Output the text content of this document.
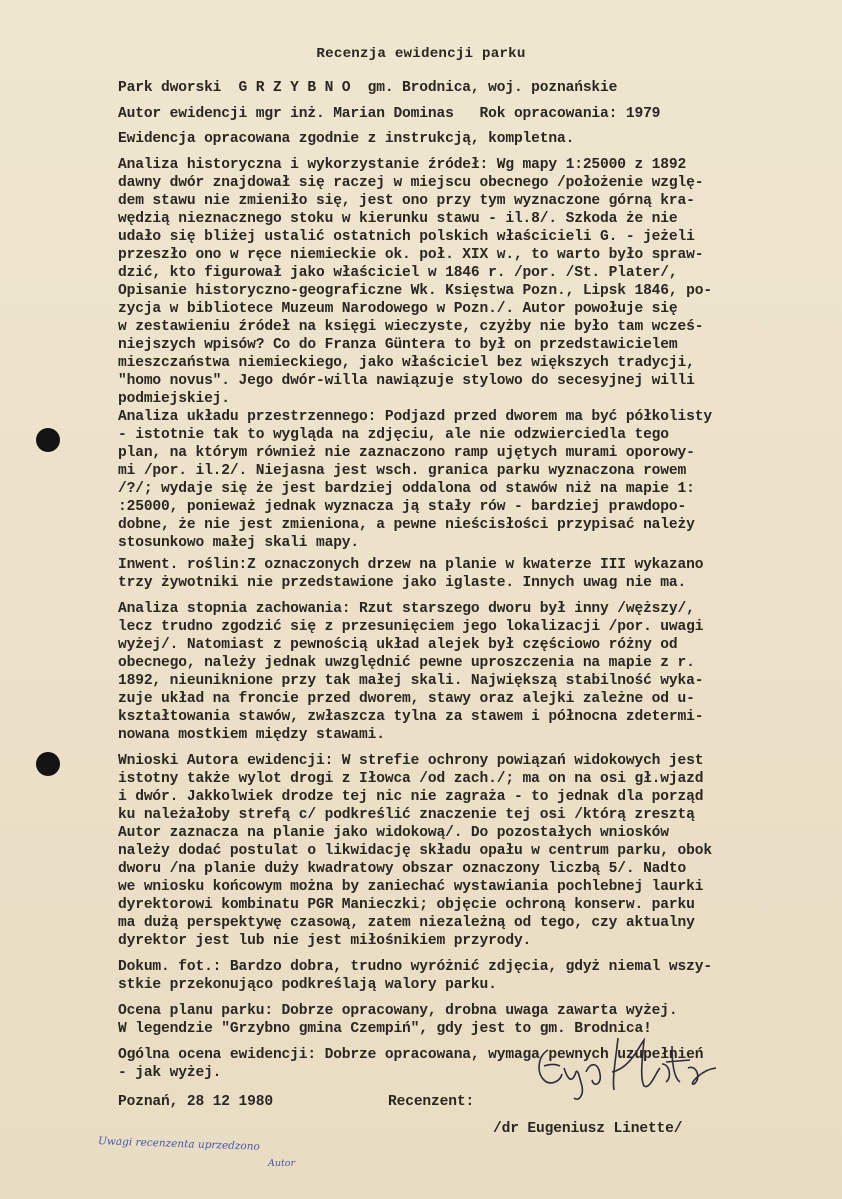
Recenzja ewidencji parku
Park dworski  G R Z Y B N O  gm. Brodnica, woj. poznańskie
Autor ewidencji mgr inż. Marian Dominas   Rok opracowania: 1979
Ewidencja opracowana zgodnie z instrukcją, kompletna.
Analiza historyczna i wykorzystanie źródeł: Wg mapy 1:25000 z 1892
dawny dwór znajdował się raczej w miejscu obecnego /położenie wzglę-
dem stawu nie zmieniło się, jest ono przy tym wyznaczone górną kra-
wędzią nieznacznego stoku w kierunku stawu - il.8/. Szkoda że nie
udało się bliżej ustalić ostatnich polskich właścicieli G. - jeżeli
przeszło ono w ręce niemieckie ok. poł. XIX w., to warto było spraw-
dzić, kto figurował jako właściciel w 1846 r. /por. /St. Plater/,
Opisanie historyczno-geograficzne Wk. Księstwa Pozn., Lipsk 1846, po-
zycja w bibliotece Muzeum Narodowego w Pozn./. Autor powołuje się
w zestawieniu źródeł na księgi wieczyste, czyżby nie było tam wcześ-
niejszych wpisów? Co do Franza Güntera to był on przedstawicielem
mieszczaństwa niemieckiego, jako właściciel bez większych tradycji,
"homo novus". Jego dwór-willa nawiązuje stylowo do secesyjnej willi
podmiejskiej.
Analiza układu przestrzennego: Podjazd przed dworem ma być półkolisty
- istotnie tak to wygląda na zdjęciu, ale nie odzwierciedla tego
plan, na którym również nie zaznaczono ramp ujętych murami oporowy-
mi /por. il.2/. Niejasna jest wsch. granica parku wyznaczona rowem
/?/; wydaje się że jest bardziej oddalona od stawów niż na mapie 1:
:25000, ponieważ jednak wyznacza ją stały rów - bardziej prawdopo-
dobne, że nie jest zmieniona, a pewne nieścisłości przypisać należy
stosunkowo małej skali mapy.
Inwent. roślin:Z oznaczonych drzew na planie w kwaterze III wykazano
trzy żywotniki nie przedstawione jako iglaste. Innych uwag nie ma.
Analiza stopnia zachowania: Rzut starszego dworu był inny /węższy/,
lecz trudno zgodzić się z przesunięciem jego lokalizacji /por. uwagi
wyżej/. Natomiast z pewnością układ alejek był częściowo różny od
obecnego, należy jednak uwzględnić pewne uproszczenia na mapie z r.
1892, nieuniknione przy tak małej skali. Największą stabilność wyka-
zuje układ na froncie przed dworem, stawy oraz alejki zależne od u-
kształtowania stawów, zwłaszcza tylna za stawem i północna zdetermi-
nowana mostkiem między stawami.
Wnioski Autora ewidencji: W strefie ochrony powiązań widokowych jest
istotny także wylot drogi z Iłowca /od zach./; ma on na osi gł.wjazd
i dwór. Jakkolwiek drodze tej nic nie zagraża - to jednak dla porząd
ku należałoby strefą c/ podkreślić znaczenie tej osi /którą zresztą
Autor zaznacza na planie jako widokową/. Do pozostałych wniosków
należy dodać postulat o likwidację składu opału w centrum parku, obok
dworu /na planie duży kwadratowy obszar oznaczony liczbą 5/. Nadto
we wniosku końcowym można by zaniechać wystawiania pochlebnej laurki
dyrektorowi kombinatu PGR Manieczki; objęcie ochroną konserw. parku
ma dużą perspektywę czasową, zatem niezależną od tego, czy aktualny
dyrektor jest lub nie jest miłośnikiem przyrody.
Dokum. fot.: Bardzo dobra, trudno wyróżnić zdjęcia, gdyż niemal wszy-
stkie przekonująco podkreślają walory parku.
Ocena planu parku: Dobrze opracowany, drobna uwaga zawarta wyżej.
W legendzie "Grzybno gmina Czempiń", gdy jest to gm. Brodnica!
Ogólna ocena ewidencji: Dobrze opracowana, wymaga pewnych uzupełnień
- jak wyżej.
Poznań, 28 12 1980	Recenzent:
/dr Eugeniusz Linette/
Uwagi recenzenta uprzedzono
Autor
